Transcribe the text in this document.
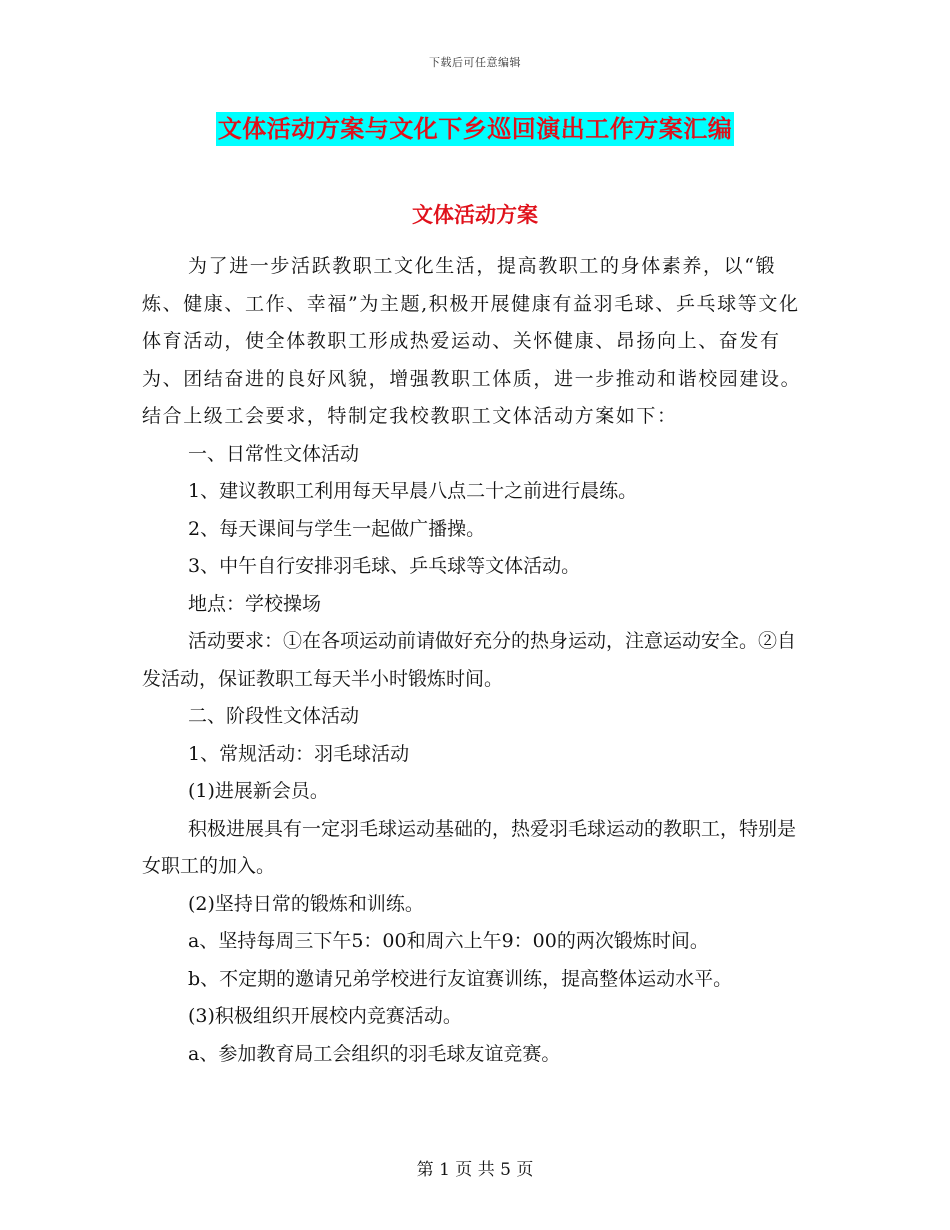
下载后可任意编辑
文体活动方案与文化下乡巡回演出工作方案汇编
文体活动方案

为了进一步活跃教职工文化生活，提高教职工的身体素养，以“锻炼、健康、工作、幸福”为主题,积极开展健康有益羽毛球、乒乓球等文化体育活动，使全体教职工形成热爱运动、关怀健康、昂扬向上、奋发有为、团结奋进的良好风貌，增强教职工体质，进一步推动和谐校园建设。结合上级工会要求，特制定我校教职工文体活动方案如下：

一、日常性文体活动

1、建议教职工利用每天早晨八点二十之前进行晨练。

2、每天课间与学生一起做广播操。

3、中午自行安排羽毛球、乒乓球等文体活动。

地点：学校操场

活动要求：①在各项运动前请做好充分的热身运动，注意运动安全。②自发活动，保证教职工每天半小时锻炼时间。

二、阶段性文体活动

1、常规活动：羽毛球活动

(1)进展新会员。

积极进展具有一定羽毛球运动基础的，热爱羽毛球运动的教职工，特别是女职工的加入。

(2)坚持日常的锻炼和训练。

a、坚持每周三下午5：00和周六上午9：00的两次锻炼时间。

b、不定期的邀请兄弟学校进行友谊赛训练，提高整体运动水平。

(3)积极组织开展校内竞赛活动。

a、参加教育局工会组织的羽毛球友谊竞赛。

第 1 页 共 5 页
